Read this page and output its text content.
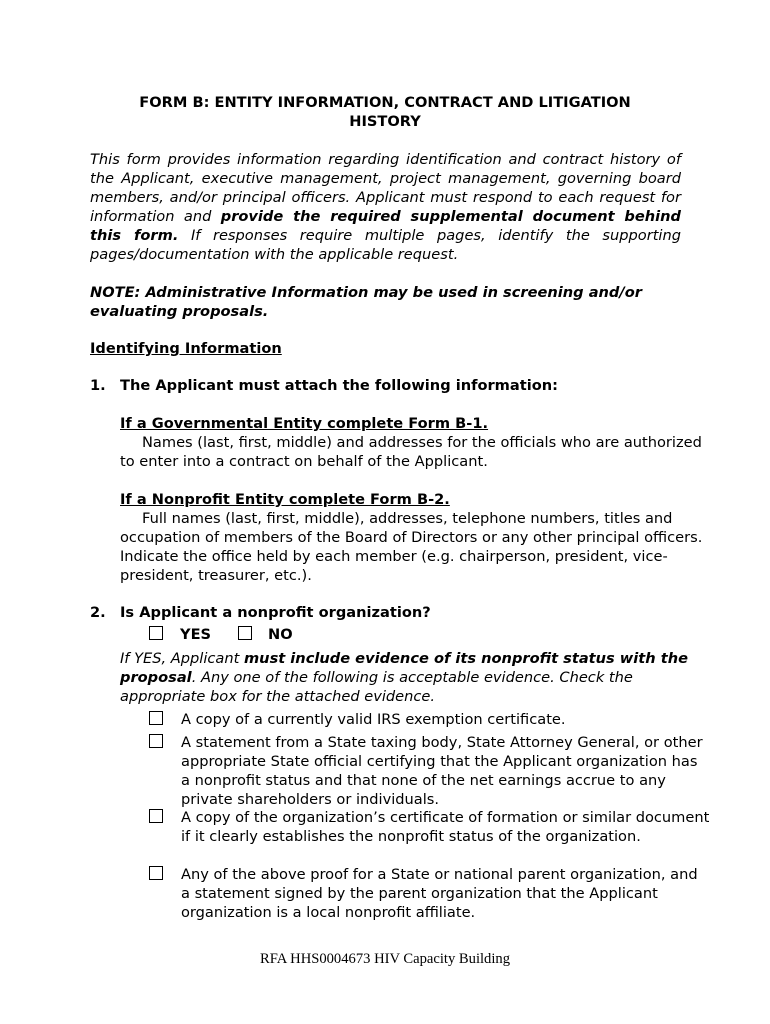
FORM B: ENTITY INFORMATION, CONTRACT AND LITIGATION
HISTORY
This form provides information regarding identification and contract history of the Applicant, executive management, project management, governing board members, and/or principal officers. Applicant must respond to each request for information and provide the required supplemental document behind this form. If responses require multiple pages, identify the supporting pages/documentation with the applicable request.
NOTE: Administrative Information may be used in screening and/or evaluating proposals.
Identifying Information
1. The Applicant must attach the following information:
If a Governmental Entity complete Form B-1.
Names (last, first, middle) and addresses for the officials who are authorized to enter into a contract on behalf of the Applicant.
If a Nonprofit Entity complete Form B-2.
Full names (last, first, middle), addresses, telephone numbers, titles and occupation of members of the Board of Directors or any other principal officers. Indicate the office held by each member (e.g. chairperson, president, vice-president, treasurer, etc.).
2. Is Applicant a nonprofit organization?
YES	NO
If YES, Applicant must include evidence of its nonprofit status with the proposal. Any one of the following is acceptable evidence. Check the appropriate box for the attached evidence.
A copy of a currently valid IRS exemption certificate.
A statement from a State taxing body, State Attorney General, or other appropriate State official certifying that the Applicant organization has a nonprofit status and that none of the net earnings accrue to any private shareholders or individuals.
A copy of the organization’s certificate of formation or similar document if it clearly establishes the nonprofit status of the organization.
Any of the above proof for a State or national parent organization, and a statement signed by the parent organization that the Applicant organization is a local nonprofit affiliate.
RFA HHS0004673 HIV Capacity Building
